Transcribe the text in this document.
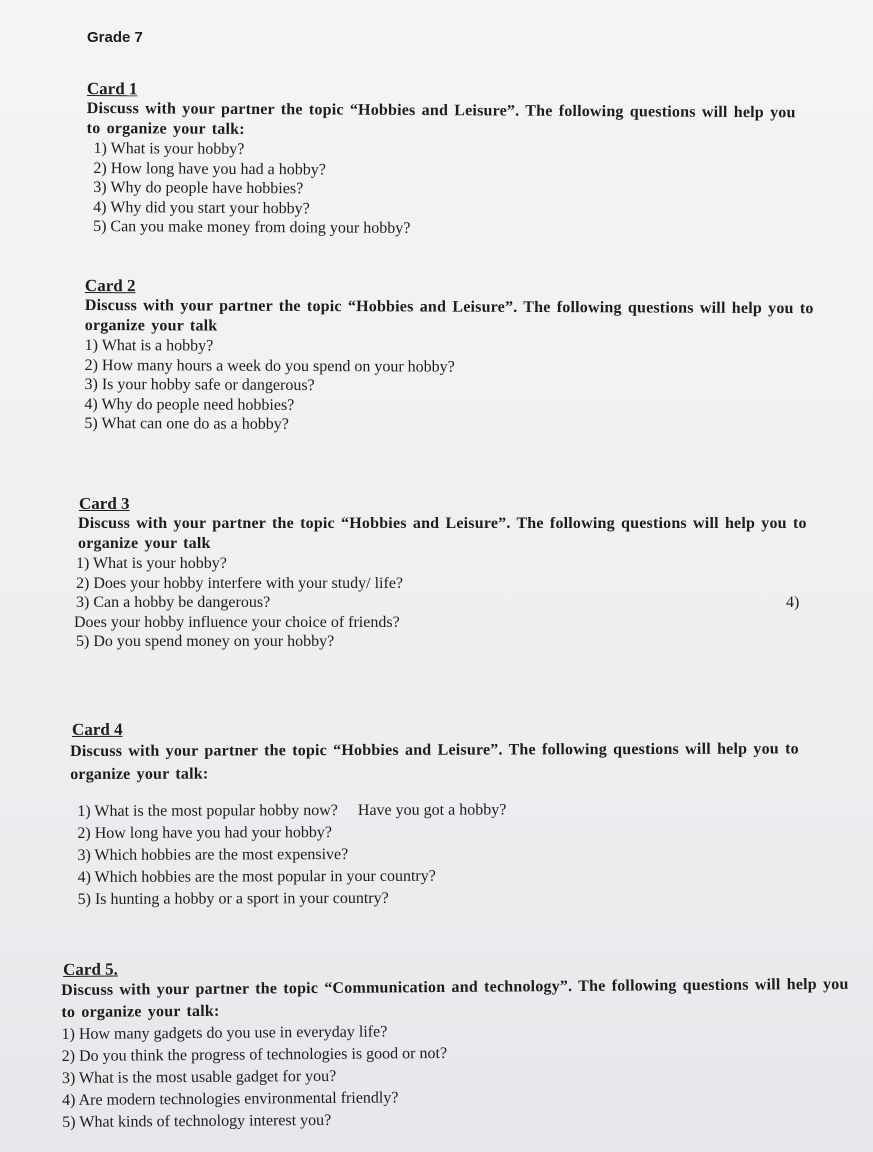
Grade 7
Card 1
Discuss with your partner the topic “Hobbies and Leisure”. The following questions will help you to organize your talk:
1) What is your hobby?
2) How long have you had a hobby?
3) Why do people have hobbies?
4) Why did you start your hobby?
5) Can you make money from doing your hobby?
Card 2
Discuss with your partner the topic “Hobbies and Leisure”. The following questions will help you to organize your talk
1) What is a hobby?
2) How many hours a week do you spend on your hobby?
3) Is your hobby safe or dangerous?
4) Why do people need hobbies?
5) What can one do as a hobby?
Card 3
Discuss with your partner the topic “Hobbies and Leisure”. The following questions will help you to organize your talk
1) What is your hobby?
2) Does your hobby interfere with your study/ life?
3) Can a hobby be dangerous?	4)
Does your hobby influence your choice of friends?
5) Do you spend money on your hobby?
Card 4
Discuss with your partner the topic “Hobbies and Leisure”. The following questions will help you to organize your talk:
1) What is the most popular hobby now?     Have you got a hobby?
2) How long have you had your hobby?
3) Which hobbies are the most expensive?
4) Which hobbies are the most popular in your country?
5) Is hunting a hobby or a sport in your country?
Card 5.
Discuss with your partner the topic “Communication and technology”. The following questions will help you to organize your talk:
1) How many gadgets do you use in everyday life?
2) Do you think the progress of technologies is good or not?
3) What is the most usable gadget for you?
4) Are modern technologies environmental friendly?
5) What kinds of technology interest you?
